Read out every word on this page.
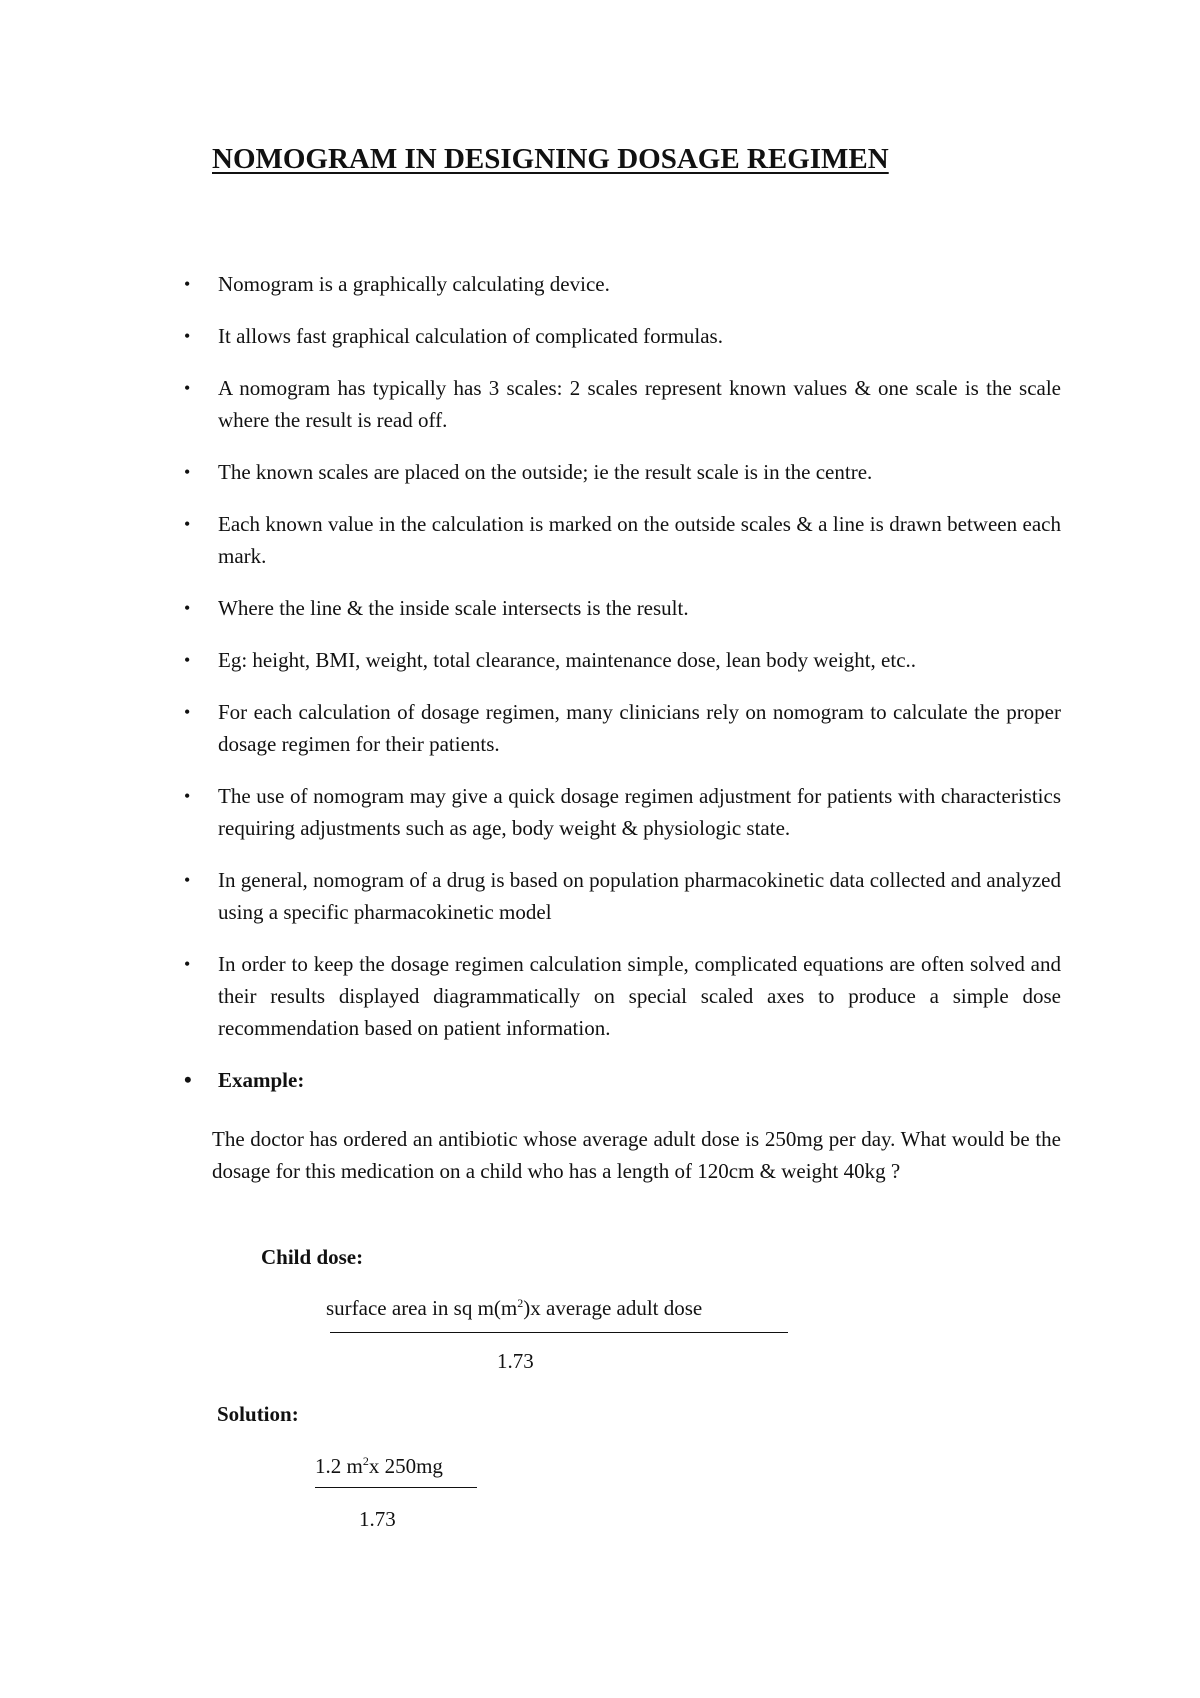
NOMOGRAM IN DESIGNING DOSAGE REGIMEN
• Nomogram is a graphically calculating device.
• It allows fast graphical calculation of complicated formulas.
• A nomogram has typically has 3 scales: 2 scales represent known values & one scale is the scale where the result is read off.
• The known scales are placed on the outside; ie the result scale is in the centre.
• Each known value in the calculation is marked on the outside scales & a line is drawn between each mark.
• Where the line & the inside scale intersects is the result.
• Eg: height, BMI, weight, total clearance, maintenance dose, lean body weight, etc..
• For each calculation of dosage regimen, many clinicians rely on nomogram to calculate the proper dosage regimen for their patients.
• The use of nomogram may give a quick dosage regimen adjustment for patients with characteristics requiring adjustments such as age, body weight & physiologic state.
• In general, nomogram of a drug is based on population pharmacokinetic data collected and analyzed using a specific pharmacokinetic model
• In order to keep the dosage regimen calculation simple, complicated equations are often solved and their results displayed diagrammatically on special scaled axes to produce a simple dose recommendation based on patient information.
• Example:
The doctor has ordered an antibiotic whose average adult dose is 250mg per day. What would be the dosage for this medication on a child who has a length of 120cm & weight 40kg ?
Child dose:
surface area in sq $m(m^2)x$ average adult dose
1.73
Solution:
1.2 $m^2x$ 250mg
1.73
